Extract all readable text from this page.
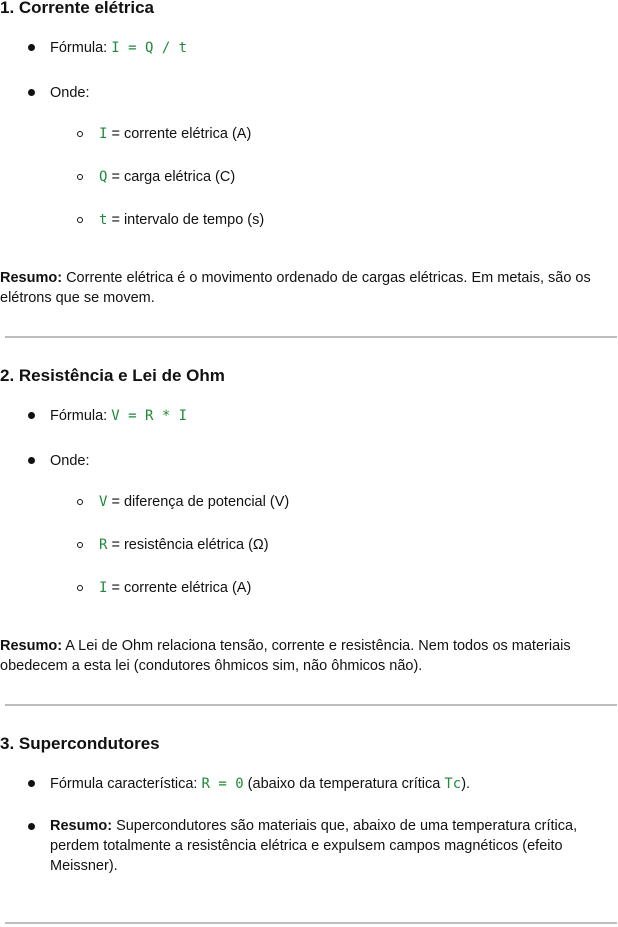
1. Corrente elétrica
Fórmula: I = Q / t
Onde:
I = corrente elétrica (A)
Q = carga elétrica (C)
t = intervalo de tempo (s)
Resumo: Corrente elétrica é o movimento ordenado de cargas elétricas. Em metais, são os
elétrons que se movem.
2. Resistência e Lei de Ohm
Fórmula: V = R * I
Onde:
V = diferença de potencial (V)
R = resistência elétrica (Ω)
I = corrente elétrica (A)
Resumo: A Lei de Ohm relaciona tensão, corrente e resistência. Nem todos os materiais
obedecem a esta lei (condutores ôhmicos sim, não ôhmicos não).
3. Supercondutores
Fórmula característica: R = 0 (abaixo da temperatura crítica Tc).
Resumo: Supercondutores são materiais que, abaixo de uma temperatura crítica,
perdem totalmente a resistência elétrica e expulsem campos magnéticos (efeito
Meissner).
